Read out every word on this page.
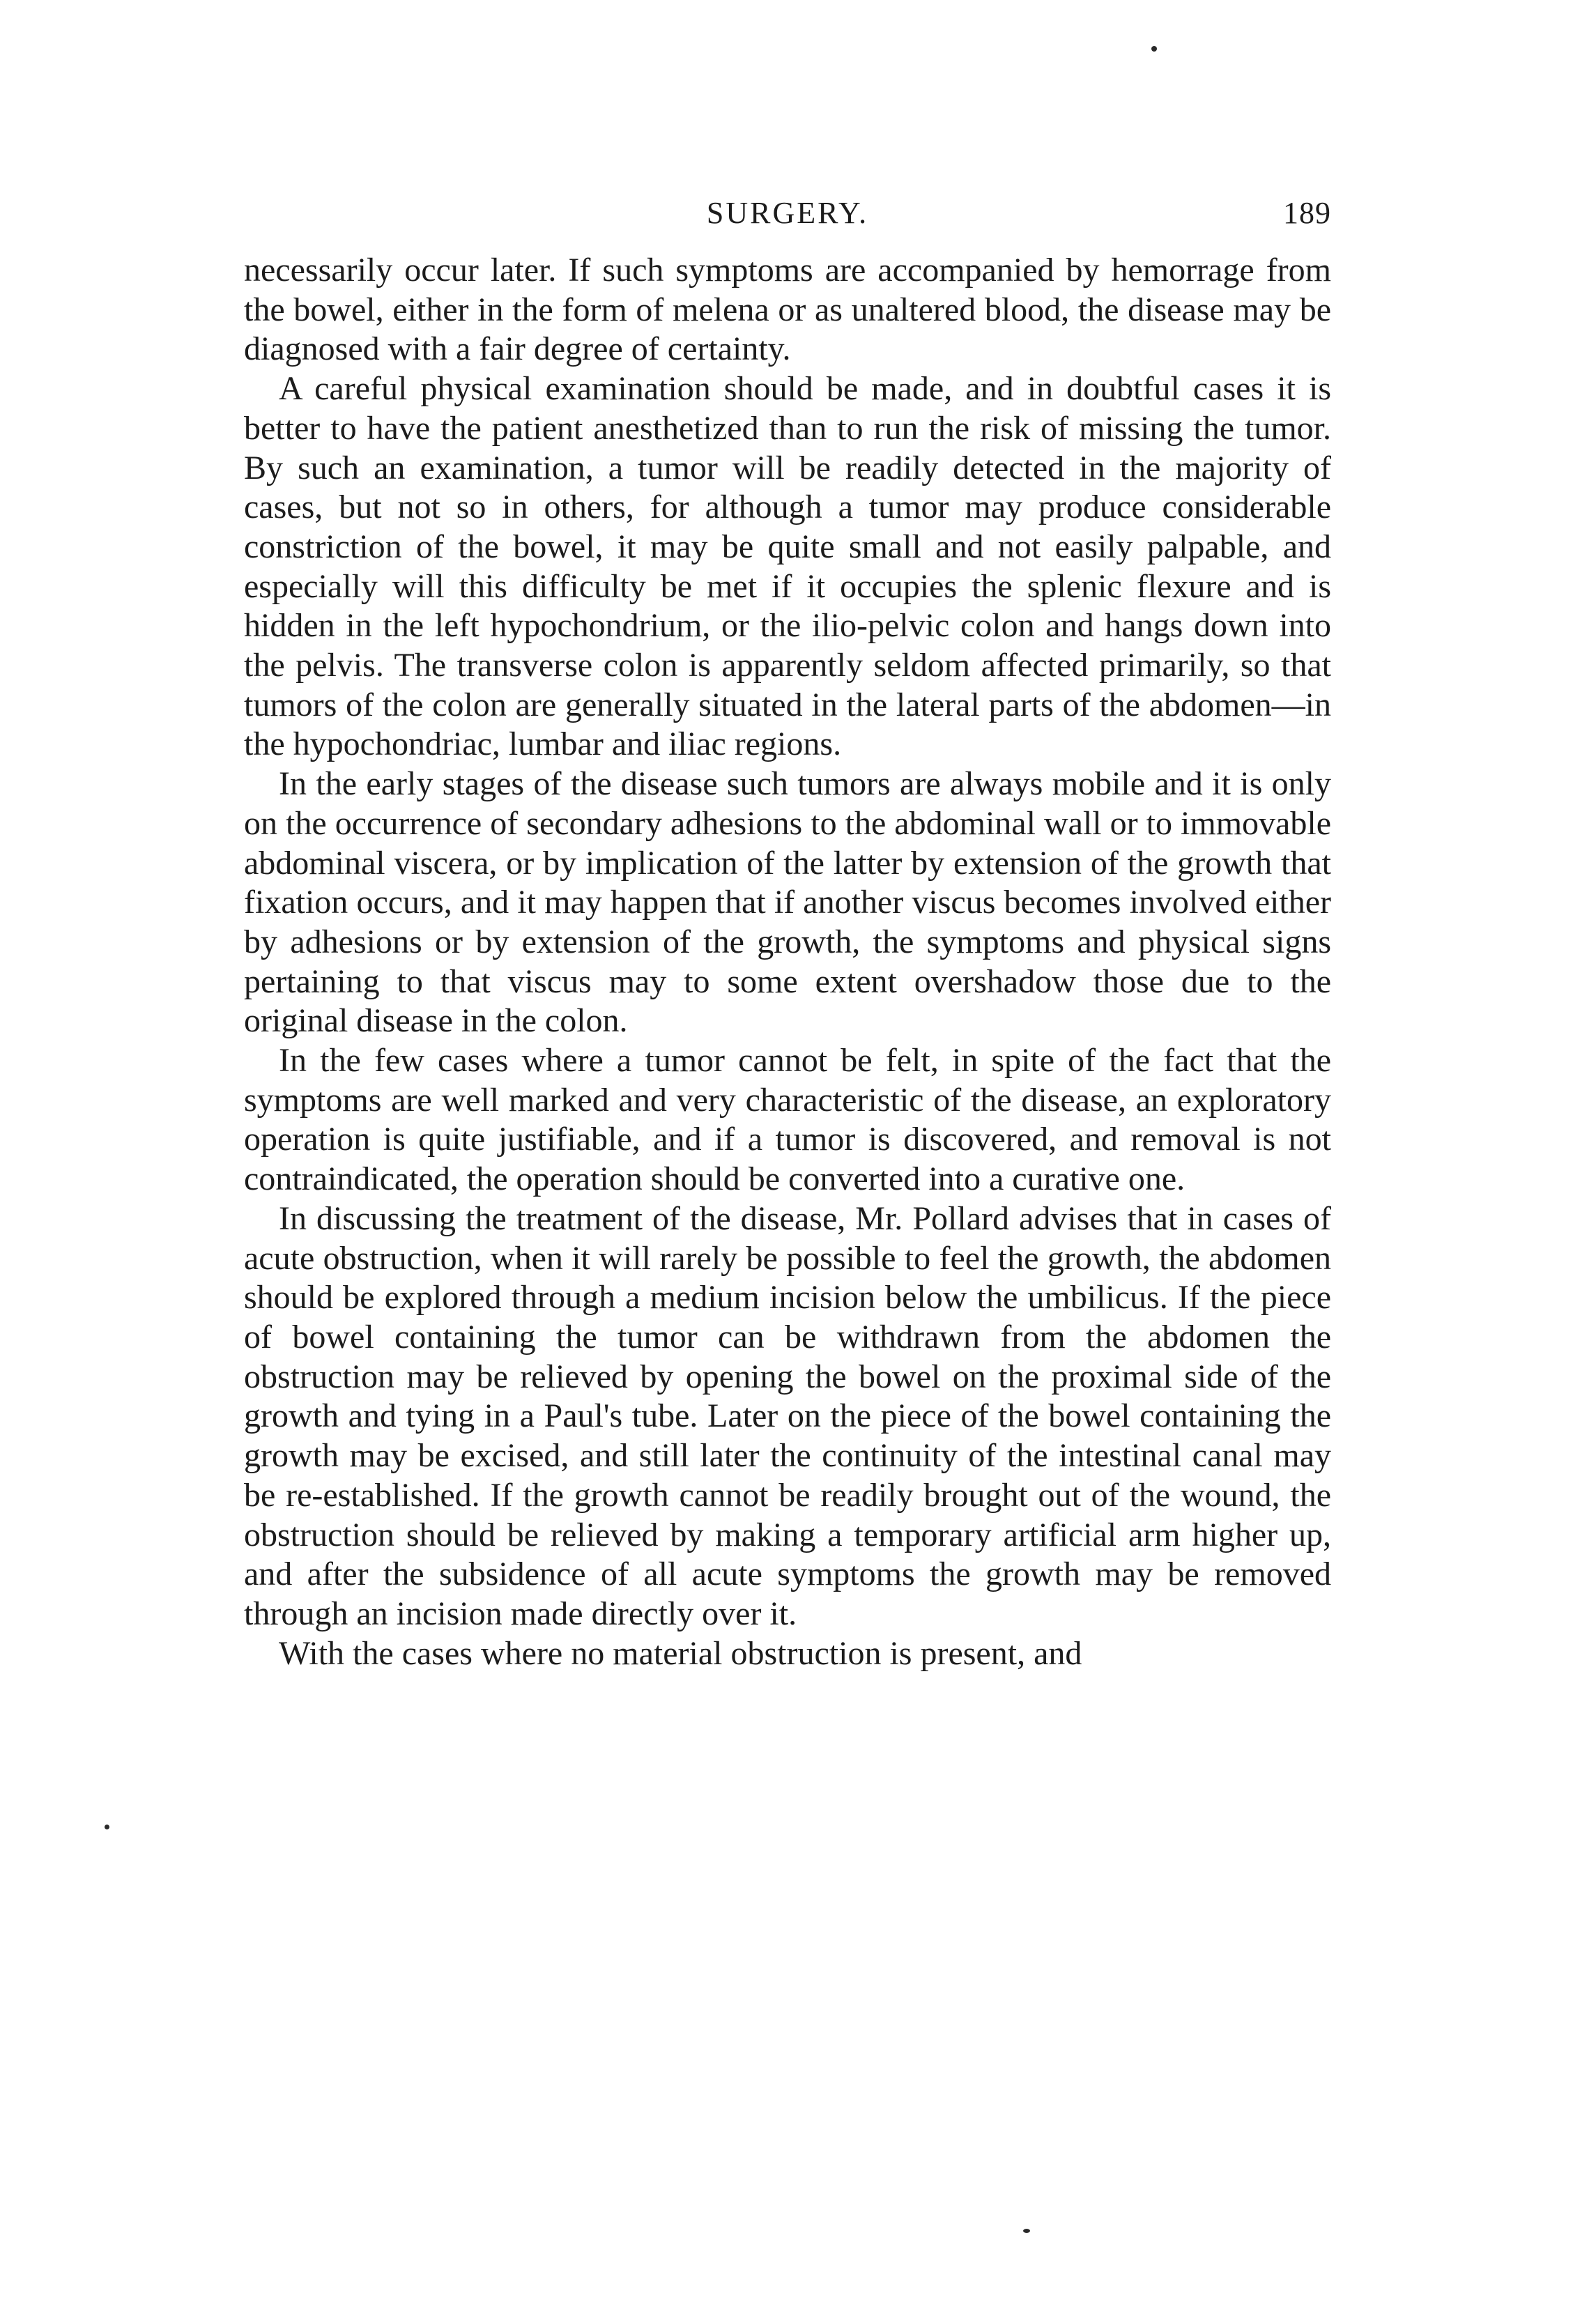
SURGERY.	189

necessarily occur later. If such symptoms are accompanied by hemorrage from the bowel, either in the form of melena or as unaltered blood, the disease may be diagnosed with a fair degree of certainty.

A careful physical examination should be made, and in doubtful cases it is better to have the patient anesthetized than to run the risk of missing the tumor. By such an examination, a tumor will be readily detected in the majority of cases, but not so in others, for although a tumor may produce considerable constriction of the bowel, it may be quite small and not easily palpable, and especially will this difficulty be met if it occupies the splenic flexure and is hidden in the left hypochondrium, or the ilio-pelvic colon and hangs down into the pelvis. The transverse colon is apparently seldom affected primarily, so that tumors of the colon are generally situated in the lateral parts of the abdomen—in the hypochondriac, lumbar and iliac regions.

In the early stages of the disease such tumors are always mobile and it is only on the occurrence of secondary adhesions to the abdominal wall or to immovable abdominal viscera, or by implication of the latter by extension of the growth that fixation occurs, and it may happen that if another viscus becomes involved either by adhesions or by extension of the growth, the symptoms and physical signs pertaining to that viscus may to some extent overshadow those due to the original disease in the colon.

In the few cases where a tumor cannot be felt, in spite of the fact that the symptoms are well marked and very characteristic of the disease, an exploratory operation is quite justifiable, and if a tumor is discovered, and removal is not contraindicated, the operation should be converted into a curative one.

In discussing the treatment of the disease, Mr. Pollard advises that in cases of acute obstruction, when it will rarely be possible to feel the growth, the abdomen should be explored through a medium incision below the umbilicus. If the piece of bowel containing the tumor can be withdrawn from the abdomen the obstruction may be relieved by opening the bowel on the proximal side of the growth and tying in a Paul's tube. Later on the piece of the bowel containing the growth may be excised, and still later the continuity of the intestinal canal may be re-established. If the growth cannot be readily brought out of the wound, the obstruction should be relieved by making a temporary artificial arm higher up, and after the subsidence of all acute symptoms the growth may be removed through an incision made directly over it.

With the cases where no material obstruction is present, and
